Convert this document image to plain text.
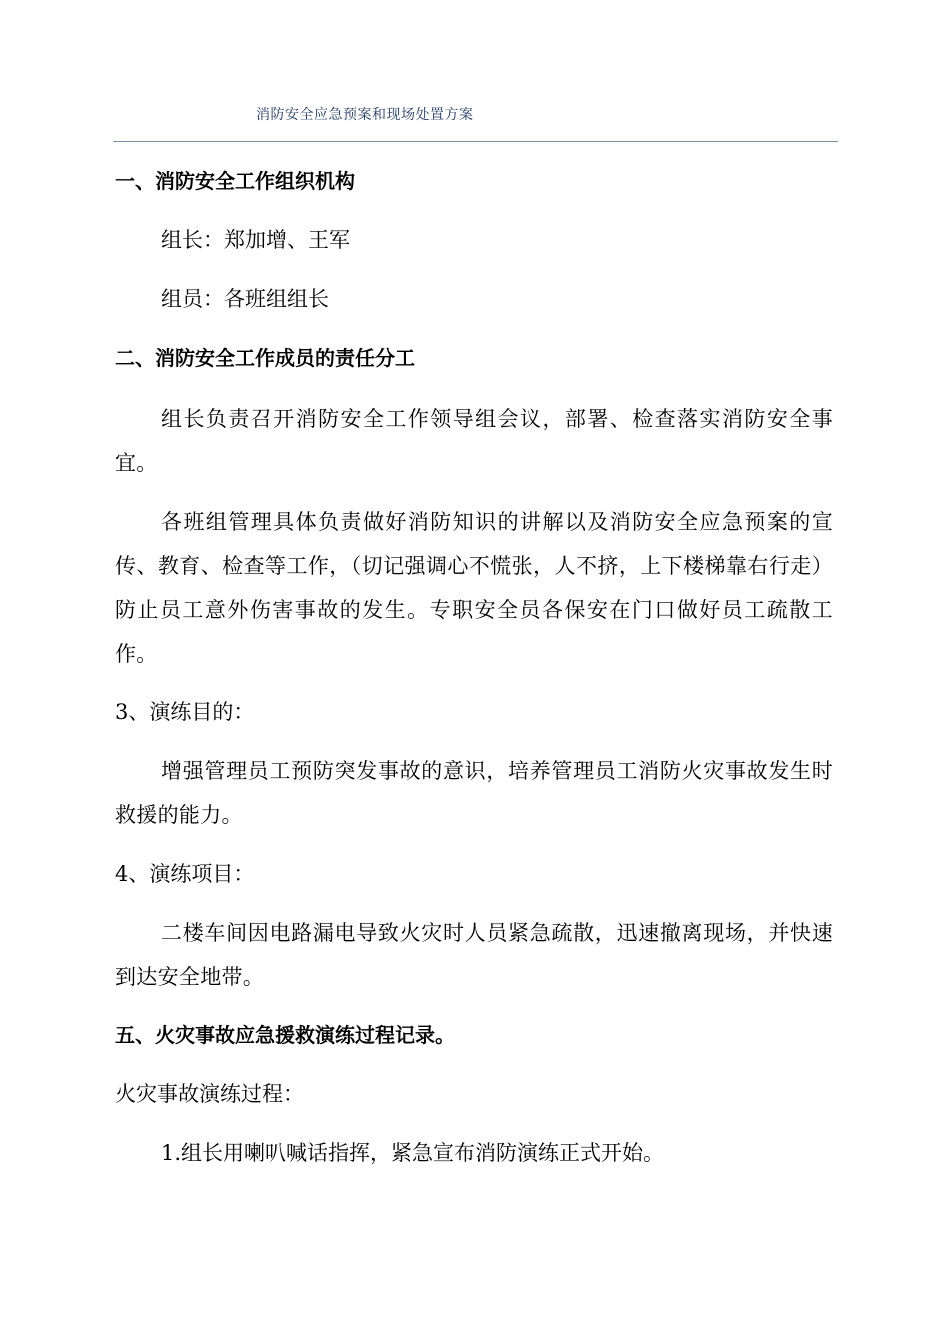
消防安全应急预案和现场处置方案
一、消防安全工作组织机构
组长：郑加增、王军
组员：各班组组长
二、消防安全工作成员的责任分工
组长负责召开消防安全工作领导组会议，部署、检查落实消防安全事宜。
各班组管理具体负责做好消防知识的讲解以及消防安全应急预案的宣传、教育、检查等工作，（切记强调心不慌张，人不挤，上下楼梯靠右行走）防止员工意外伤害事故的发生。专职安全员各保安在门口做好员工疏散工作。
3、演练目的：
增强管理员工预防突发事故的意识，培养管理员工消防火灾事故发生时救援的能力。
4、演练项目：
二楼车间因电路漏电导致火灾时人员紧急疏散，迅速撤离现场，并快速到达安全地带。
五、火灾事故应急援救演练过程记录。
火灾事故演练过程：
1.组长用喇叭喊话指挥，紧急宣布消防演练正式开始。
